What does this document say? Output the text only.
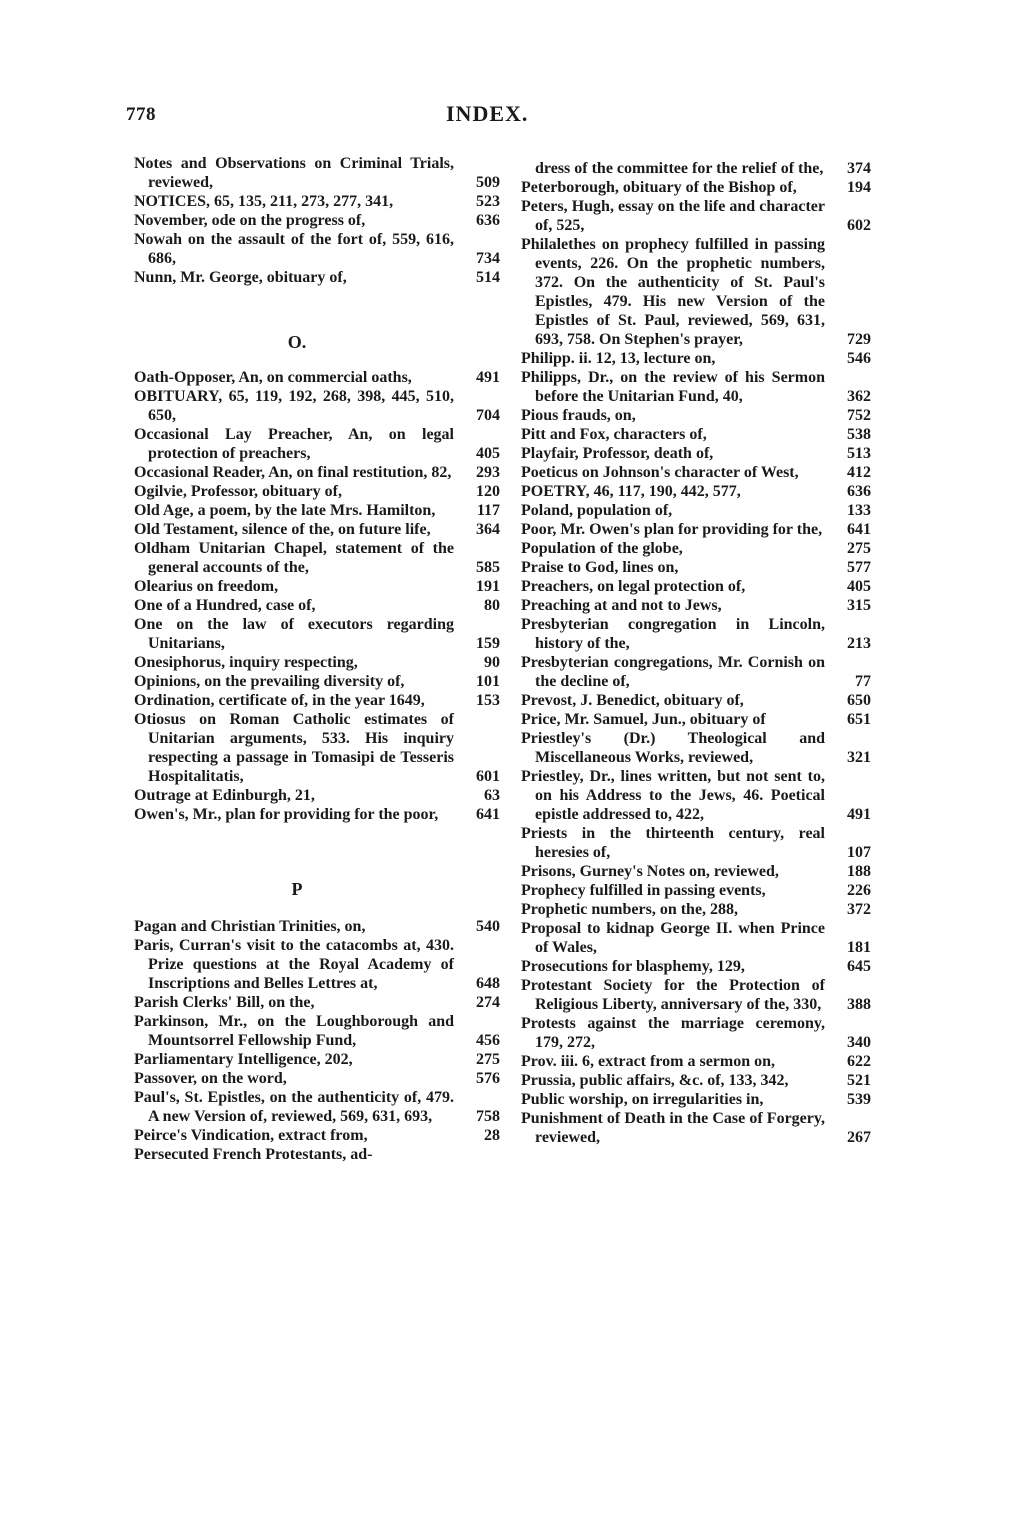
778	INDEX.
Notes and Observations on Criminal Trials, reviewed,	509
NOTICES, 65, 135, 211, 273, 277, 341,	523
November, ode on the progress of,	636
Nowah on the assault of the fort of, 559, 616, 686,	734
Nunn, Mr. George, obituary of,	514
O.
Oath-Opposer, An, on commercial oaths,	491
OBITUARY, 65, 119, 192, 268, 398, 445, 510, 650,	704
Occasional Lay Preacher, An, on legal protection of preachers,	405
Occasional Reader, An, on final restitution, 82,	293
Ogilvie, Professor, obituary of,	120
Old Age, a poem, by the late Mrs. Hamilton,	117
Old Testament, silence of the, on future life,	364
Oldham Unitarian Chapel, statement of the general accounts of the,	585
Olearius on freedom,	191
One of a Hundred, case of,	80
One on the law of executors regarding Unitarians,	159
Onesiphorus, inquiry respecting,	90
Opinions, on the prevailing diversity of,	101
Ordination, certificate of, in the year 1649,	153
Otiosus on Roman Catholic estimates of Unitarian arguments, 533. His inquiry respecting a passage in Tomasipi de Tesseris Hospitalitatis,	601
Outrage at Edinburgh, 21,	63
Owen's, Mr., plan for providing for the poor,	641
P
Pagan and Christian Trinities, on,	540
Paris, Curran's visit to the catacombs at, 430. Prize questions at the Royal Academy of Inscriptions and Belles Lettres at,	648
Parish Clerks' Bill, on the,	274
Parkinson, Mr., on the Loughborough and Mountsorrel Fellowship Fund,	456
Parliamentary Intelligence, 202,	275
Passover, on the word,	576
Paul's, St. Epistles, on the authenticity of, 479. A new Version of, reviewed, 569, 631, 693,	758
Peirce's Vindication, extract from,	28
Persecuted French Protestants, ad-
dress of the committee for the relief of the,	374
Peterborough, obituary of the Bishop of,	194
Peters, Hugh, essay on the life and character of, 525,	602
Philalethes on prophecy fulfilled in passing events, 226. On the prophetic numbers, 372. On the authenticity of St. Paul's Epistles, 479. His new Version of the Epistles of St. Paul, reviewed, 569, 631, 693, 758. On Stephen's prayer,	729
Philipp. ii. 12, 13, lecture on,	546
Philipps, Dr., on the review of his Sermon before the Unitarian Fund, 40,	362
Pious frauds, on,	752
Pitt and Fox, characters of,	538
Playfair, Professor, death of,	513
Poeticus on Johnson's character of West,	412
POETRY, 46, 117, 190, 442, 577,	636
Poland, population of,	133
Poor, Mr. Owen's plan for providing for the,	641
Population of the globe,	275
Praise to God, lines on,	577
Preachers, on legal protection of,	405
Preaching at and not to Jews,	315
Presbyterian congregation in Lincoln, history of the,	213
Presbyterian congregations, Mr. Cornish on the decline of,	77
Prevost, J. Benedict, obituary of,	650
Price, Mr. Samuel, Jun., obituary of	651
Priestley's (Dr.) Theological and Miscellaneous Works, reviewed,	321
Priestley, Dr., lines written, but not sent to, on his Address to the Jews, 46. Poetical epistle addressed to, 422,	491
Priests in the thirteenth century, real heresies of,	107
Prisons, Gurney's Notes on, reviewed,	188
Prophecy fulfilled in passing events,	226
Prophetic numbers, on the, 288,	372
Proposal to kidnap George II. when Prince of Wales,	181
Prosecutions for blasphemy, 129,	645
Protestant Society for the Protection of Religious Liberty, anniversary of the, 330,	388
Protests against the marriage ceremony, 179, 272,	340
Prov. iii. 6, extract from a sermon on,	622
Prussia, public affairs, &c. of, 133, 342,	521
Public worship, on irregularities in,	539
Punishment of Death in the Case of Forgery, reviewed,	267
